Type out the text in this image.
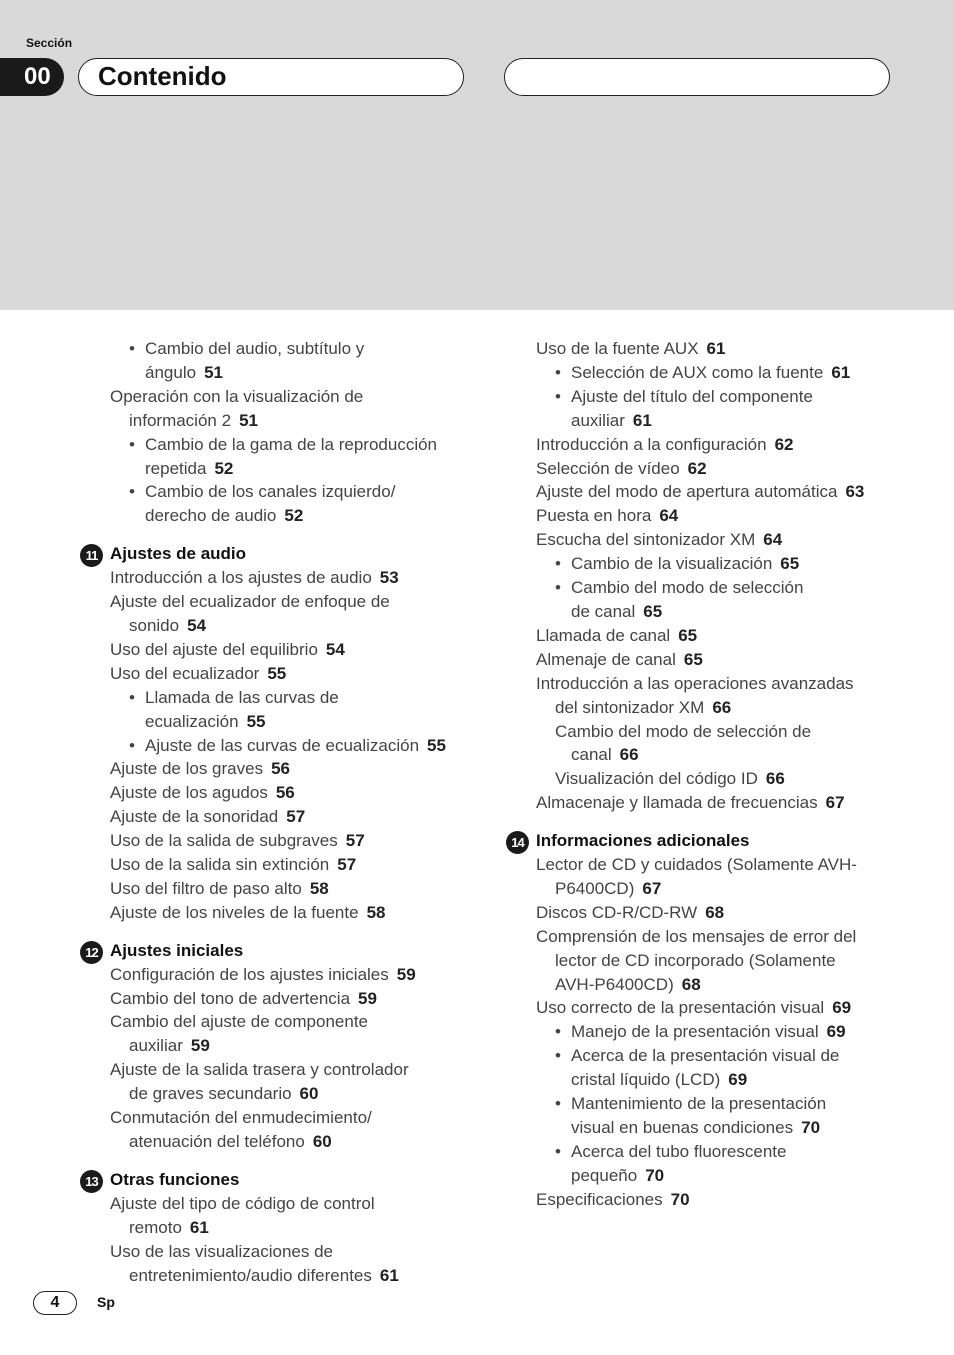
Sección
00	Contenido
• Cambio del audio, subtítulo y
ángulo 51
Operación con la visualización de
información 2 51
• Cambio de la gama de la reproducción
repetida 52
• Cambio de los canales izquierdo/
derecho de audio 52
11 Ajustes de audio
Introducción a los ajustes de audio 53
Ajuste del ecualizador de enfoque de
sonido 54
Uso del ajuste del equilibrio 54
Uso del ecualizador 55
• Llamada de las curvas de
ecualización 55
• Ajuste de las curvas de ecualización 55
Ajuste de los graves 56
Ajuste de los agudos 56
Ajuste de la sonoridad 57
Uso de la salida de subgraves 57
Uso de la salida sin extinción 57
Uso del filtro de paso alto 58
Ajuste de los niveles de la fuente 58
12 Ajustes iniciales
Configuración de los ajustes iniciales 59
Cambio del tono de advertencia 59
Cambio del ajuste de componente
auxiliar 59
Ajuste de la salida trasera y controlador
de graves secundario 60
Conmutación del enmudecimiento/
atenuación del teléfono 60
13 Otras funciones
Ajuste del tipo de código de control
remoto 61
Uso de las visualizaciones de
entretenimiento/audio diferentes 61
Uso de la fuente AUX 61
• Selección de AUX como la fuente 61
• Ajuste del título del componente
auxiliar 61
Introducción a la configuración 62
Selección de vídeo 62
Ajuste del modo de apertura automática 63
Puesta en hora 64
Escucha del sintonizador XM 64
• Cambio de la visualización 65
• Cambio del modo de selección
de canal 65
Llamada de canal 65
Almenaje de canal 65
Introducción a las operaciones avanzadas
del sintonizador XM 66
Cambio del modo de selección de
canal 66
Visualización del código ID 66
Almacenaje y llamada de frecuencias 67
14 Informaciones adicionales
Lector de CD y cuidados (Solamente AVH-
P6400CD) 67
Discos CD-R/CD-RW 68
Comprensión de los mensajes de error del
lector de CD incorporado (Solamente
AVH-P6400CD) 68
Uso correcto de la presentación visual 69
• Manejo de la presentación visual 69
• Acerca de la presentación visual de
cristal líquido (LCD) 69
• Mantenimiento de la presentación
visual en buenas condiciones 70
• Acerca del tubo fluorescente
pequeño 70
Especificaciones 70
4	Sp
